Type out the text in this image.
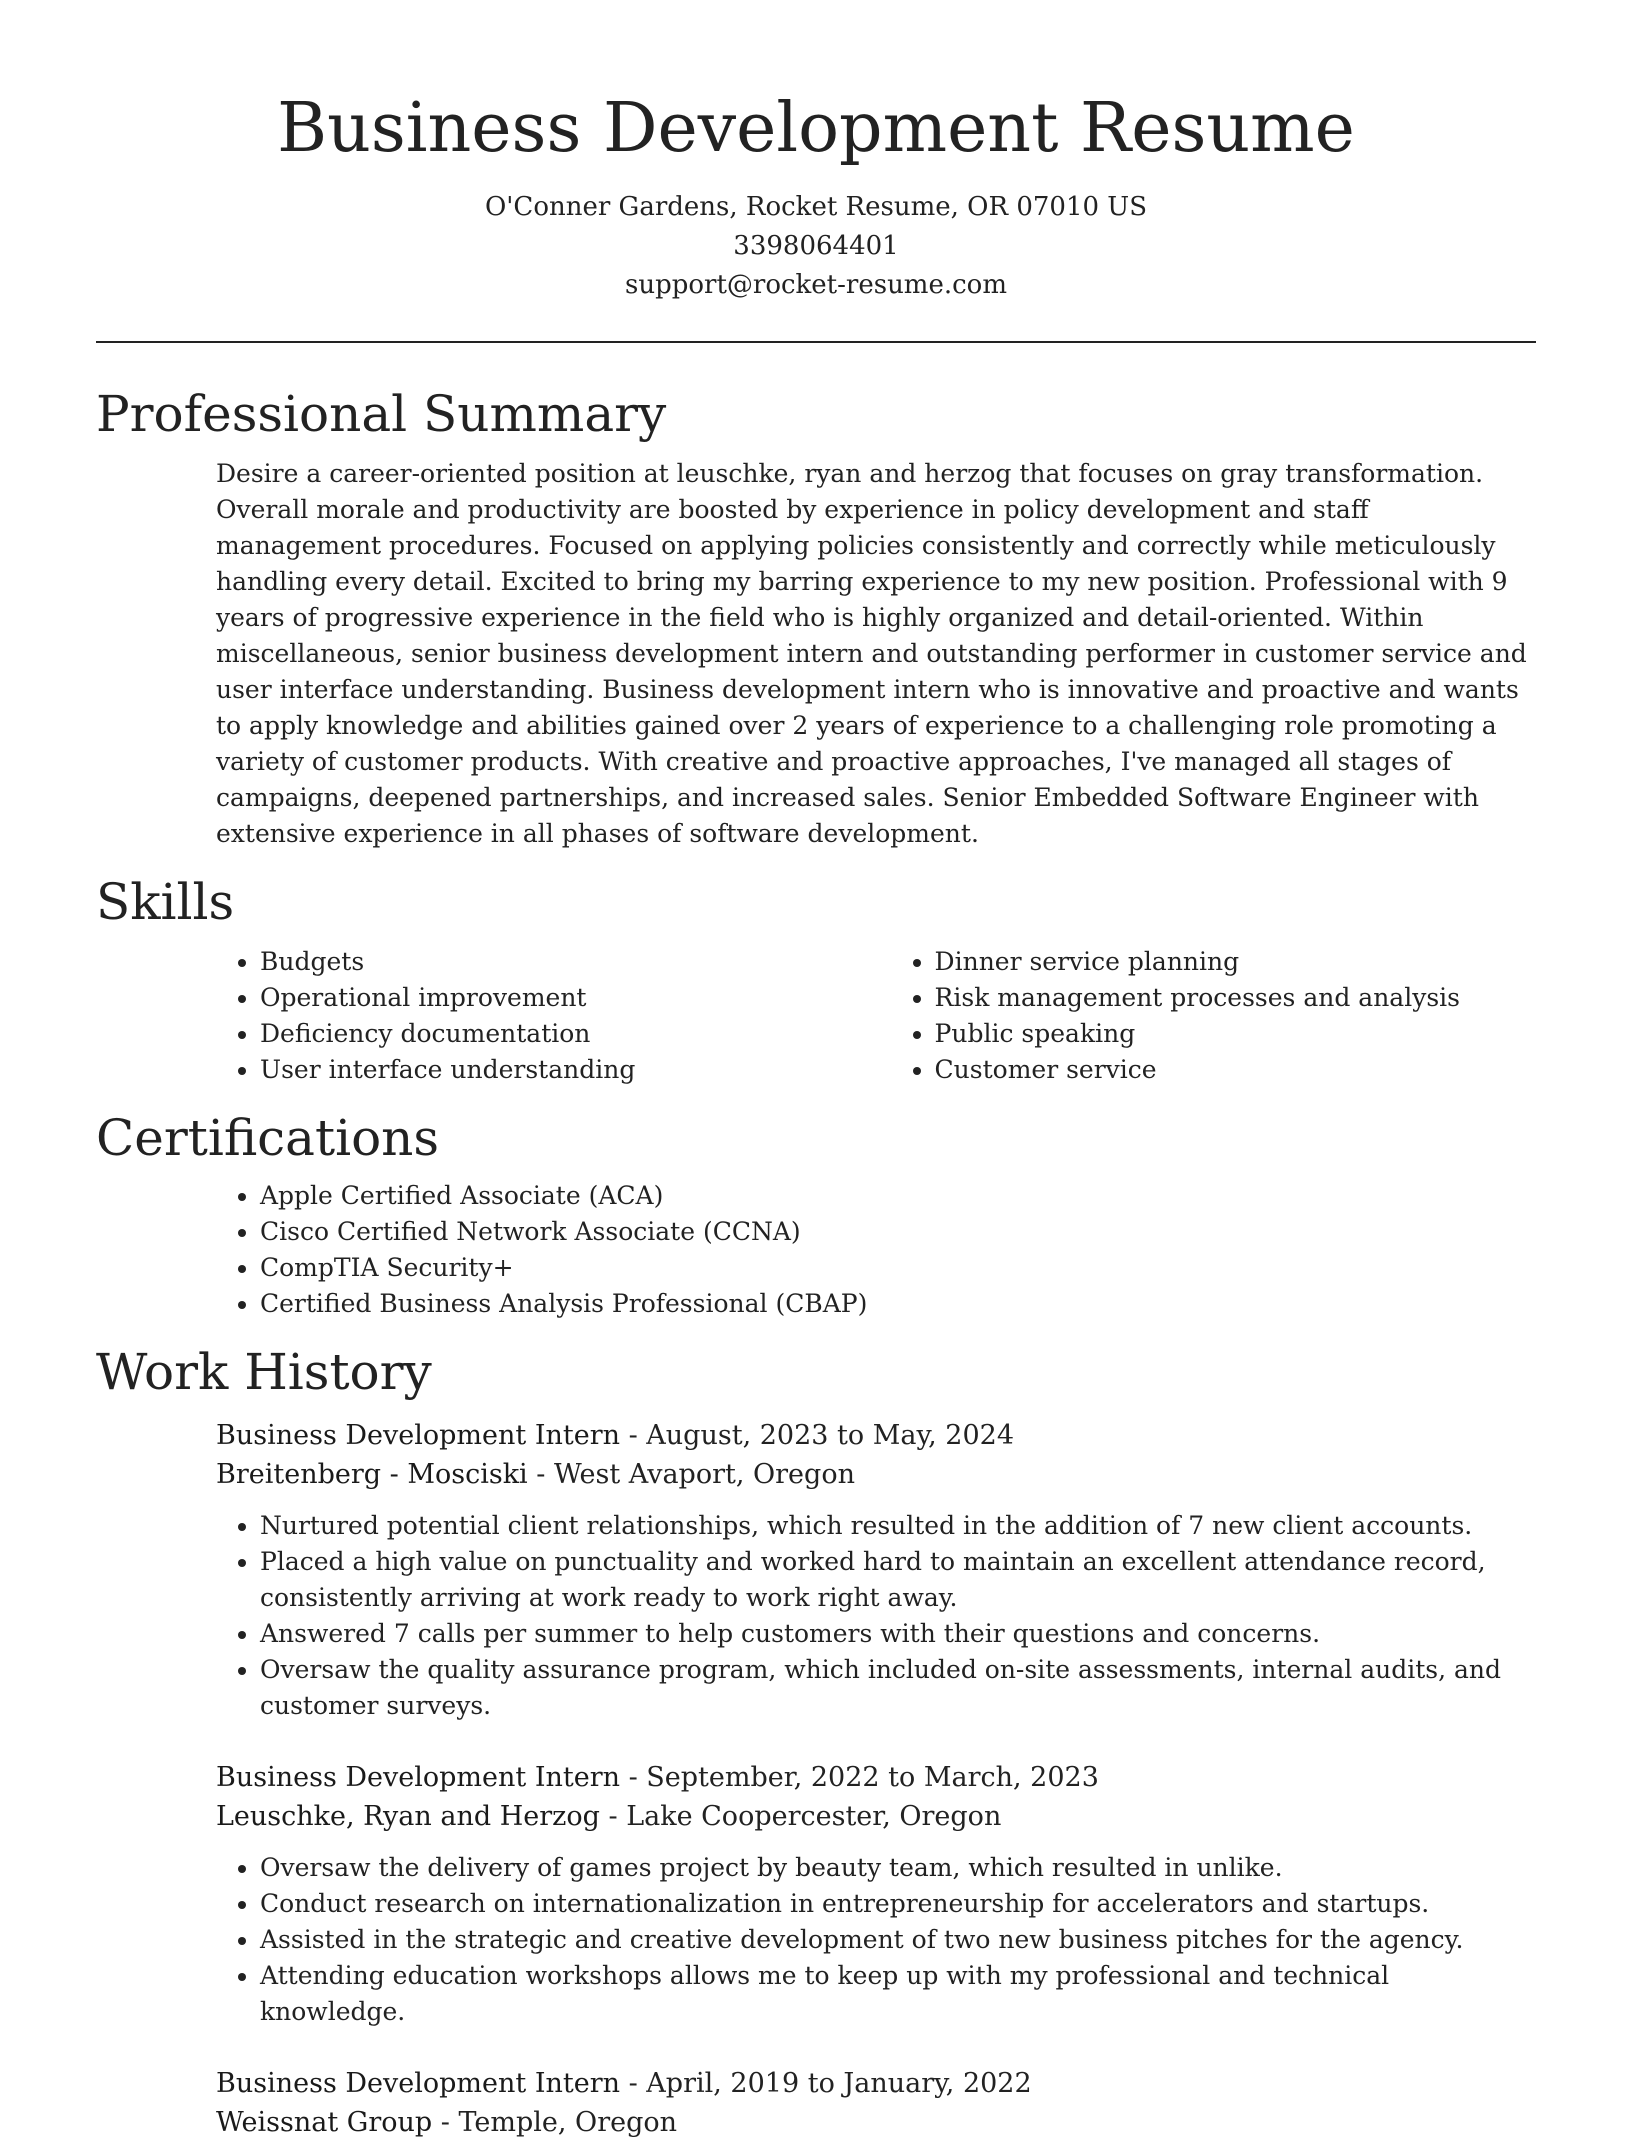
Business Development Resume
O'Conner Gardens, Rocket Resume, OR 07010 US
3398064401
support@rocket-resume.com
Professional Summary
Desire a career-oriented position at leuschke, ryan and herzog that focuses on gray transformation. Overall morale and productivity are boosted by experience in policy development and staff management procedures. Focused on applying policies consistently and correctly while meticulously handling every detail. Excited to bring my barring experience to my new position. Professional with 9 years of progressive experience in the field who is highly organized and detail-oriented. Within miscellaneous, senior business development intern and outstanding performer in customer service and user interface understanding. Business development intern who is innovative and proactive and wants to apply knowledge and abilities gained over 2 years of experience to a challenging role promoting a variety of customer products. With creative and proactive approaches, I've managed all stages of campaigns, deepened partnerships, and increased sales. Senior Embedded Software Engineer with extensive experience in all phases of software development.
Skills
• Budgets
• Operational improvement
• Deficiency documentation
• User interface understanding
• Dinner service planning
• Risk management processes and analysis
• Public speaking
• Customer service
Certifications
• Apple Certified Associate (ACA)
• Cisco Certified Network Associate (CCNA)
• CompTIA Security+
• Certified Business Analysis Professional (CBAP)
Work History
Business Development Intern - August, 2023 to May, 2024
Breitenberg - Mosciski - West Avaport, Oregon
• Nurtured potential client relationships, which resulted in the addition of 7 new client accounts.
• Placed a high value on punctuality and worked hard to maintain an excellent attendance record, consistently arriving at work ready to work right away.
• Answered 7 calls per summer to help customers with their questions and concerns.
• Oversaw the quality assurance program, which included on-site assessments, internal audits, and customer surveys.
Business Development Intern - September, 2022 to March, 2023
Leuschke, Ryan and Herzog - Lake Coopercester, Oregon
• Oversaw the delivery of games project by beauty team, which resulted in unlike.
• Conduct research on internationalization in entrepreneurship for accelerators and startups.
• Assisted in the strategic and creative development of two new business pitches for the agency.
• Attending education workshops allows me to keep up with my professional and technical knowledge.
Business Development Intern - April, 2019 to January, 2022
Weissnat Group - Temple, Oregon
